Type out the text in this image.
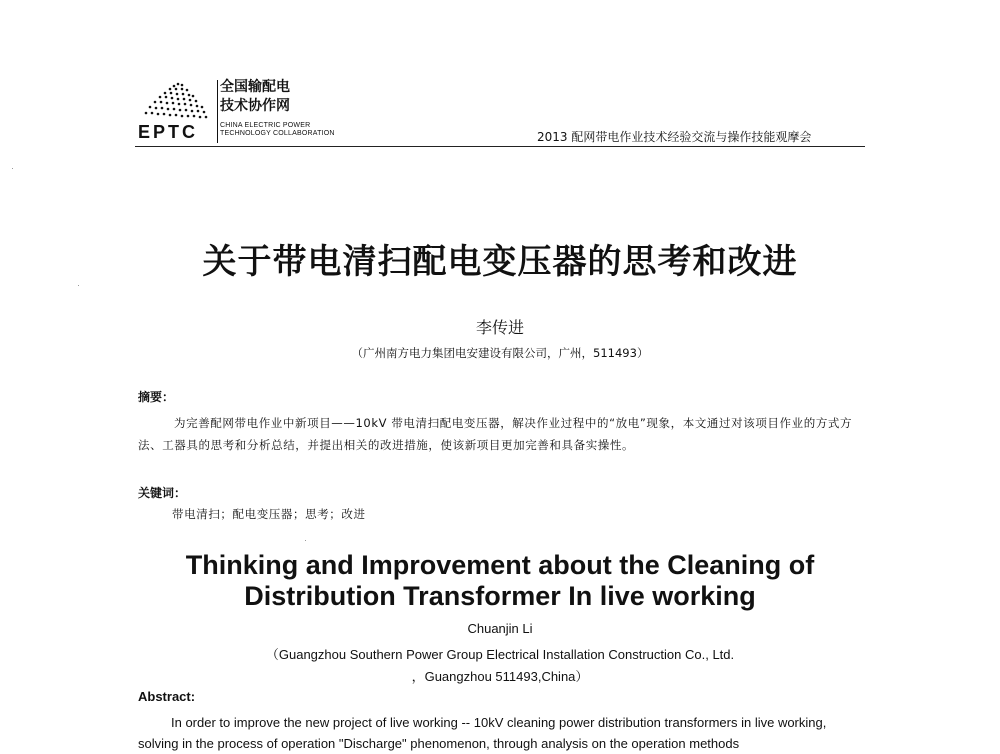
EPTC
全国输配电
技术协作网
CHINA ELECTRIC POWER
TECHNOLOGY COLLABORATION	2013 配网带电作业技术经验交流与操作技能观摩会
关于带电清扫配电变压器的思考和改进
李传进
（广州南方电力集团电安建设有限公司，广州，511493）
摘要：
为完善配网带电作业中新项目——10kV 带电清扫配电变压器，解决作业过程中的“放电”现象，本文通过对该项目作业的方式方法、工器具的思考和分析总结，并提出相关的改进措施，使该新项目更加完善和具备实操性。
关键词：
带电清扫；配电变压器；思考；改进
Thinking and Improvement about the Cleaning of
Distribution Transformer In live working
Chuanjin Li
（Guangzhou Southern Power Group Electrical Installation Construction Co., Ltd.
，Guangzhou 511493,China）
Abstract:
In order to improve the new project of live working -- 10kV cleaning power distribution transformers in live working, solving in the process of operation "Discharge" phenomenon, through analysis on the operation methods
